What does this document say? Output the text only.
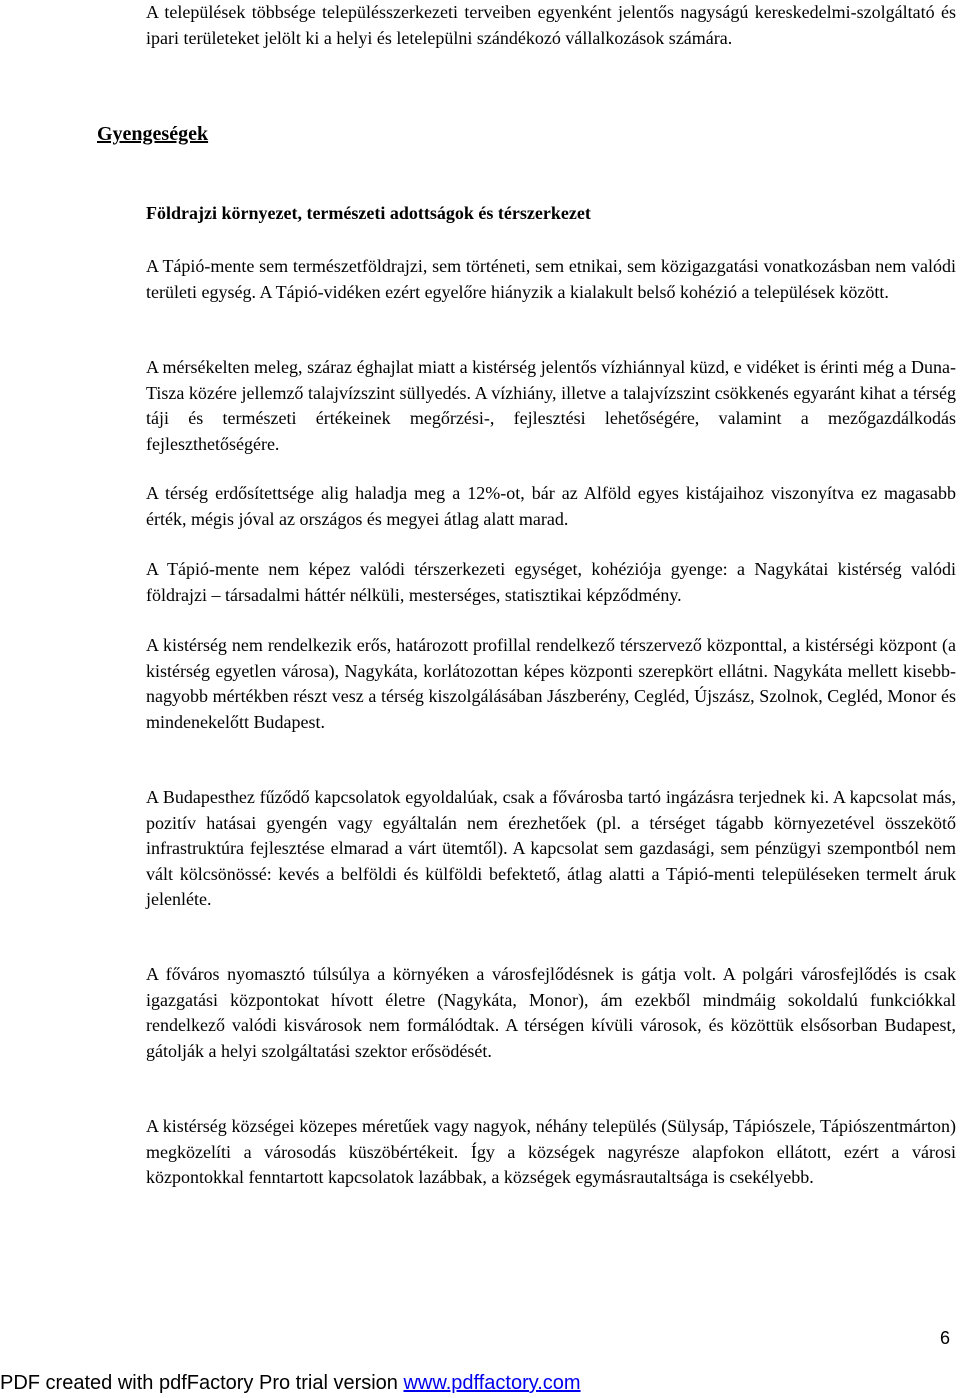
A települések többsége településszerkezeti terveiben egyenként jelentős nagyságú kereskedelmi-szolgáltató és ipari területeket jelölt ki a helyi és letelepülni szándékozó vállalkozások számára.
Gyengeségek
Földrajzi környezet, természeti adottságok és térszerkezet
A Tápió-mente sem természetföldrajzi, sem történeti, sem etnikai, sem közigazgatási vonatkozásban nem valódi területi egység. A Tápió-vidéken ezért egyelőre hiányzik a kialakult belső kohézió a települések között.
A mérsékelten meleg, száraz éghajlat miatt a kistérség jelentős vízhiánnyal küzd, e vidéket is érinti még a Duna-Tisza közére jellemző talajvízszint süllyedés. A vízhiány, illetve a talajvízszint csökkenés egyaránt kihat a térség táji és természeti értékeinek megőrzési-, fejlesztési lehetőségére, valamint a mezőgazdálkodás fejleszthetőségére.
A térség erdősítettsége alig haladja meg a 12%-ot, bár az Alföld egyes kistájaihoz viszonyítva ez magasabb érték, mégis jóval az országos és megyei átlag alatt marad.
A Tápió-mente nem képez valódi térszerkezeti egységet, kohéziója gyenge: a Nagykátai kistérség valódi földrajzi – társadalmi háttér nélküli, mesterséges, statisztikai képződmény.
A kistérség nem rendelkezik erős, határozott profillal rendelkező térszervező központtal, a kistérségi központ (a kistérség egyetlen városa), Nagykáta, korlátozottan képes központi szerepkört ellátni. Nagykáta mellett kisebb-nagyobb mértékben részt vesz a térség kiszolgálásában Jászberény, Cegléd, Újszász, Szolnok, Cegléd, Monor és mindenekelőtt Budapest.
A Budapesthez fűződő kapcsolatok egyoldalúak, csak a fővárosba tartó ingázásra terjednek ki. A kapcsolat más, pozitív hatásai gyengén vagy egyáltalán nem érezhetőek (pl. a térséget tágabb környezetével összekötő infrastruktúra fejlesztése elmarad a várt ütemtől). A kapcsolat sem gazdasági, sem pénzügyi szempontból nem vált kölcsönössé: kevés a belföldi és külföldi befektető, átlag alatti a Tápió-menti településeken termelt áruk jelenléte.
A főváros nyomasztó túlsúlya a környéken a városfejlődésnek is gátja volt. A polgári városfejlődés is csak igazgatási központokat hívott életre (Nagykáta, Monor), ám ezekből mindmáig sokoldalú funkciókkal rendelkező valódi kisvárosok nem formálódtak. A térségen kívüli városok, és közöttük elsősorban Budapest, gátolják a helyi szolgáltatási szektor erősödését.
A kistérség községei közepes méretűek vagy nagyok, néhány település (Sülysáp, Tápiószele, Tápiószentmárton) megközelíti a városodás küszöbértékeit. Így a községek nagyrésze alapfokon ellátott, ezért a városi központokkal fenntartott kapcsolatok lazábbak, a községek egymásrautaltsága is csekélyebb.
6
PDF created with pdfFactory Pro trial version www.pdffactory.com
